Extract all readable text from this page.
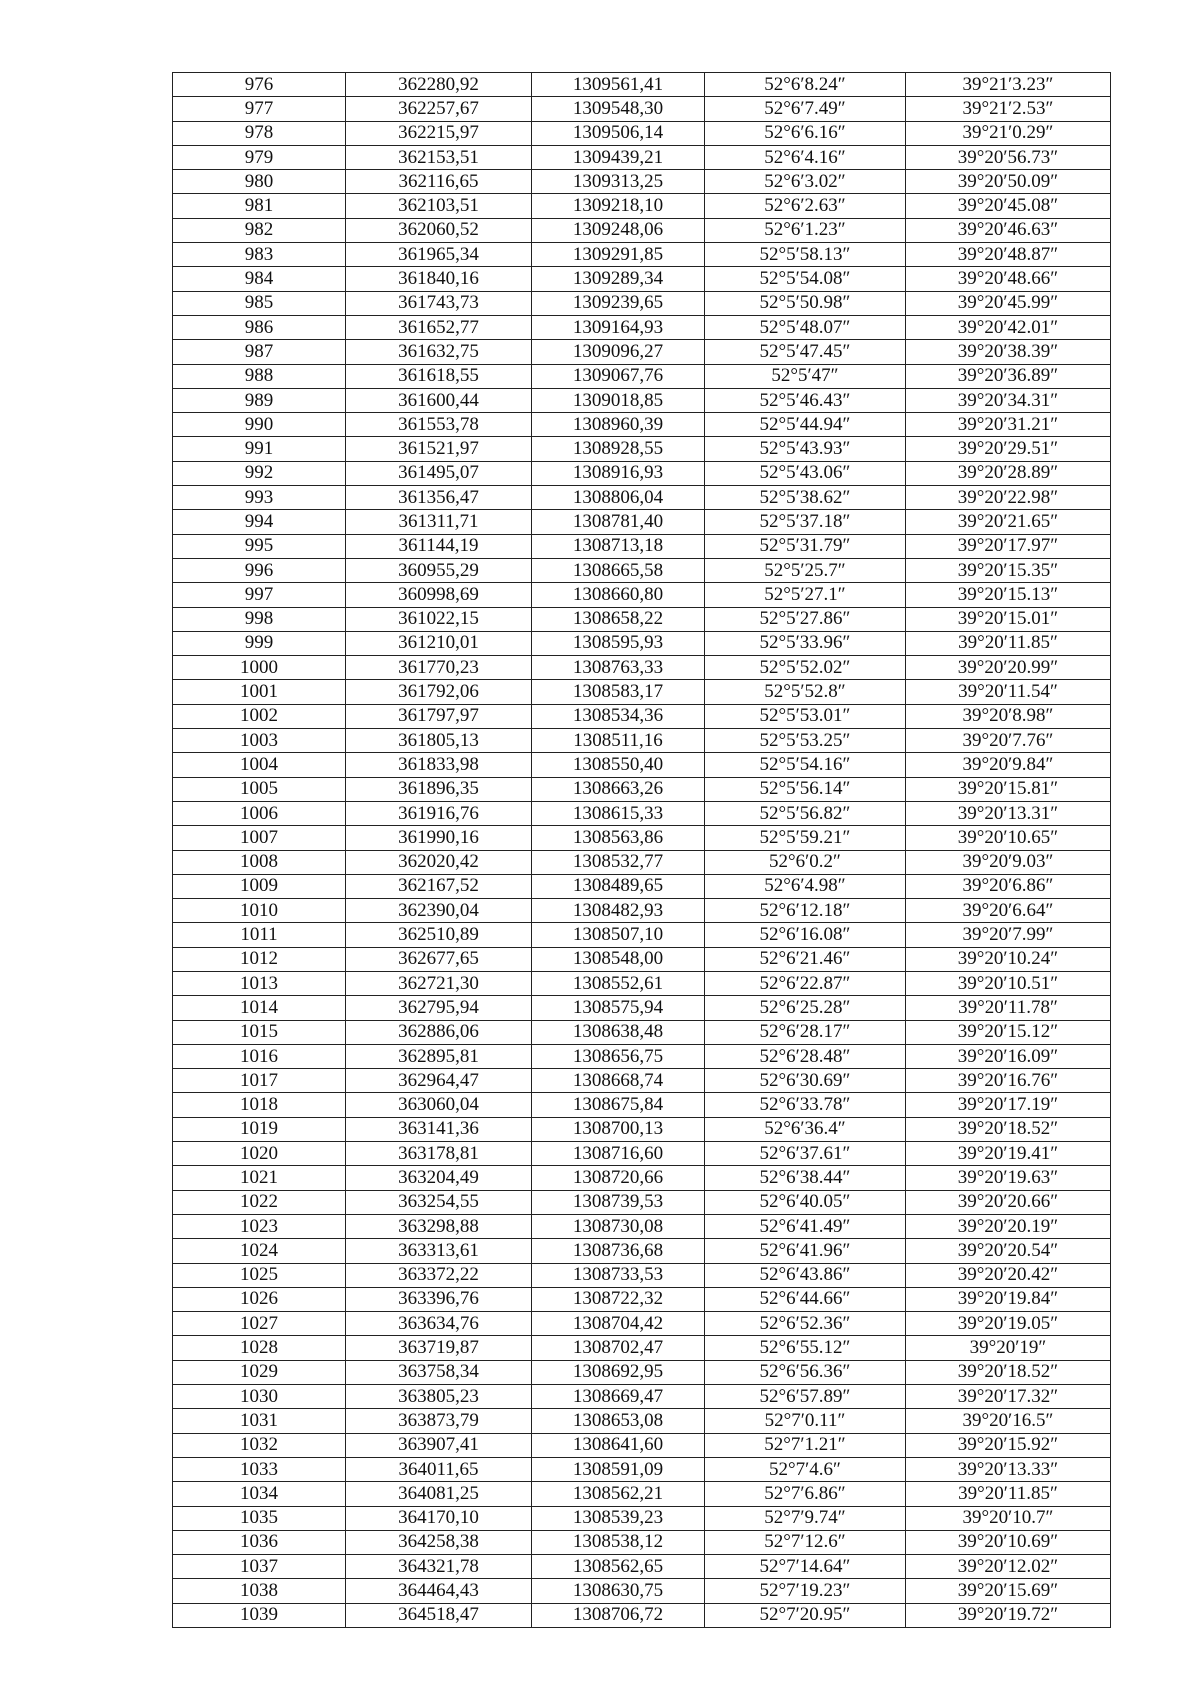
976	362280,92	1309561,41	52°6′8.24″	39°21′3.23″
977	362257,67	1309548,30	52°6′7.49″	39°21′2.53″
978	362215,97	1309506,14	52°6′6.16″	39°21′0.29″
979	362153,51	1309439,21	52°6′4.16″	39°20′56.73″
980	362116,65	1309313,25	52°6′3.02″	39°20′50.09″
981	362103,51	1309218,10	52°6′2.63″	39°20′45.08″
982	362060,52	1309248,06	52°6′1.23″	39°20′46.63″
983	361965,34	1309291,85	52°5′58.13″	39°20′48.87″
984	361840,16	1309289,34	52°5′54.08″	39°20′48.66″
985	361743,73	1309239,65	52°5′50.98″	39°20′45.99″
986	361652,77	1309164,93	52°5′48.07″	39°20′42.01″
987	361632,75	1309096,27	52°5′47.45″	39°20′38.39″
988	361618,55	1309067,76	52°5′47″	39°20′36.89″
989	361600,44	1309018,85	52°5′46.43″	39°20′34.31″
990	361553,78	1308960,39	52°5′44.94″	39°20′31.21″
991	361521,97	1308928,55	52°5′43.93″	39°20′29.51″
992	361495,07	1308916,93	52°5′43.06″	39°20′28.89″
993	361356,47	1308806,04	52°5′38.62″	39°20′22.98″
994	361311,71	1308781,40	52°5′37.18″	39°20′21.65″
995	361144,19	1308713,18	52°5′31.79″	39°20′17.97″
996	360955,29	1308665,58	52°5′25.7″	39°20′15.35″
997	360998,69	1308660,80	52°5′27.1″	39°20′15.13″
998	361022,15	1308658,22	52°5′27.86″	39°20′15.01″
999	361210,01	1308595,93	52°5′33.96″	39°20′11.85″
1000	361770,23	1308763,33	52°5′52.02″	39°20′20.99″
1001	361792,06	1308583,17	52°5′52.8″	39°20′11.54″
1002	361797,97	1308534,36	52°5′53.01″	39°20′8.98″
1003	361805,13	1308511,16	52°5′53.25″	39°20′7.76″
1004	361833,98	1308550,40	52°5′54.16″	39°20′9.84″
1005	361896,35	1308663,26	52°5′56.14″	39°20′15.81″
1006	361916,76	1308615,33	52°5′56.82″	39°20′13.31″
1007	361990,16	1308563,86	52°5′59.21″	39°20′10.65″
1008	362020,42	1308532,77	52°6′0.2″	39°20′9.03″
1009	362167,52	1308489,65	52°6′4.98″	39°20′6.86″
1010	362390,04	1308482,93	52°6′12.18″	39°20′6.64″
1011	362510,89	1308507,10	52°6′16.08″	39°20′7.99″
1012	362677,65	1308548,00	52°6′21.46″	39°20′10.24″
1013	362721,30	1308552,61	52°6′22.87″	39°20′10.51″
1014	362795,94	1308575,94	52°6′25.28″	39°20′11.78″
1015	362886,06	1308638,48	52°6′28.17″	39°20′15.12″
1016	362895,81	1308656,75	52°6′28.48″	39°20′16.09″
1017	362964,47	1308668,74	52°6′30.69″	39°20′16.76″
1018	363060,04	1308675,84	52°6′33.78″	39°20′17.19″
1019	363141,36	1308700,13	52°6′36.4″	39°20′18.52″
1020	363178,81	1308716,60	52°6′37.61″	39°20′19.41″
1021	363204,49	1308720,66	52°6′38.44″	39°20′19.63″
1022	363254,55	1308739,53	52°6′40.05″	39°20′20.66″
1023	363298,88	1308730,08	52°6′41.49″	39°20′20.19″
1024	363313,61	1308736,68	52°6′41.96″	39°20′20.54″
1025	363372,22	1308733,53	52°6′43.86″	39°20′20.42″
1026	363396,76	1308722,32	52°6′44.66″	39°20′19.84″
1027	363634,76	1308704,42	52°6′52.36″	39°20′19.05″
1028	363719,87	1308702,47	52°6′55.12″	39°20′19″
1029	363758,34	1308692,95	52°6′56.36″	39°20′18.52″
1030	363805,23	1308669,47	52°6′57.89″	39°20′17.32″
1031	363873,79	1308653,08	52°7′0.11″	39°20′16.5″
1032	363907,41	1308641,60	52°7′1.21″	39°20′15.92″
1033	364011,65	1308591,09	52°7′4.6″	39°20′13.33″
1034	364081,25	1308562,21	52°7′6.86″	39°20′11.85″
1035	364170,10	1308539,23	52°7′9.74″	39°20′10.7″
1036	364258,38	1308538,12	52°7′12.6″	39°20′10.69″
1037	364321,78	1308562,65	52°7′14.64″	39°20′12.02″
1038	364464,43	1308630,75	52°7′19.23″	39°20′15.69″
1039	364518,47	1308706,72	52°7′20.95″	39°20′19.72″
